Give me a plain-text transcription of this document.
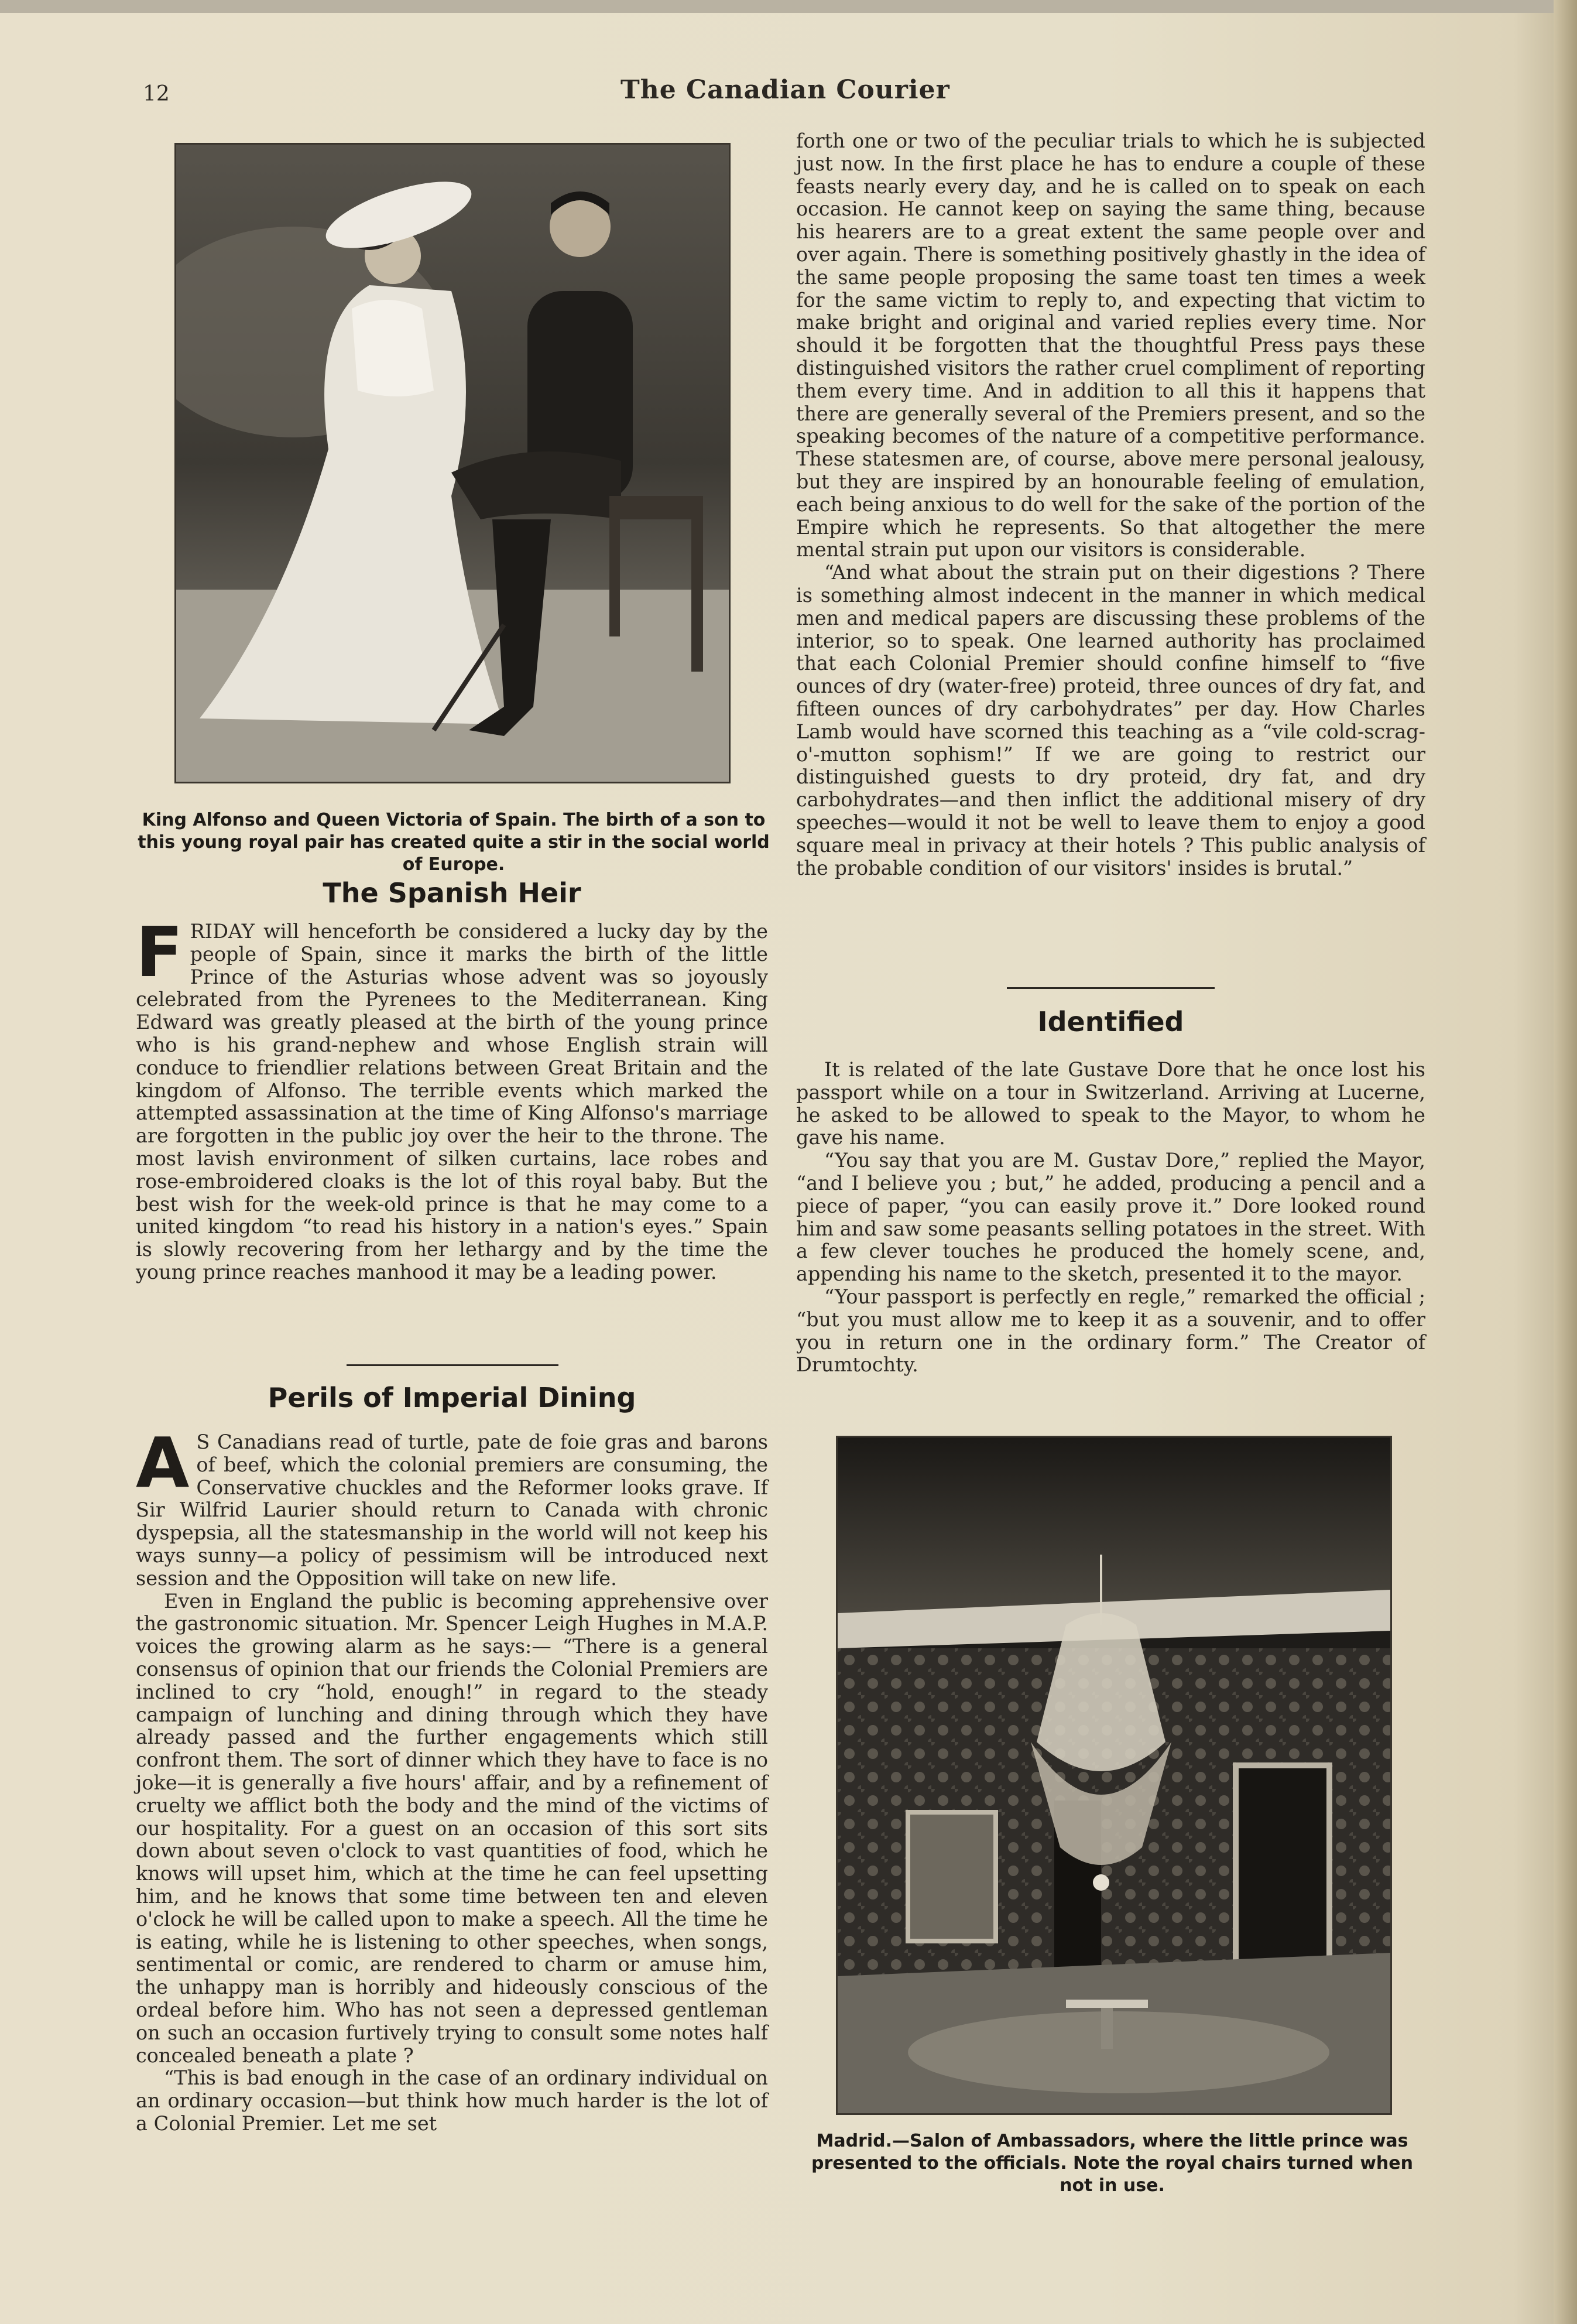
12	The Canadian Courier
King Alfonso and Queen Victoria of Spain. The birth of a son to this young royal pair has created quite a stir in the social world of Europe.
The Spanish Heir

FRIDAY will henceforth be considered a lucky day by the people of Spain, since it marks the birth of the little Prince of the Asturias whose advent was so joyously celebrated from the Pyrenees to the Mediterranean. King Edward was greatly pleased at the birth of the young prince who is his grand-nephew and whose English strain will conduce to friendlier relations between Great Britain and the kingdom of Alfonso. The terrible events which marked the attempted assassination at the time of King Alfonso's marriage are forgotten in the public joy over the heir to the throne. The most lavish environment of silken curtains, lace robes and rose-embroidered cloaks is the lot of this royal baby. But the best wish for the week-old prince is that he may come to a united kingdom “to read his history in a nation's eyes.” Spain is slowly recovering from her lethargy and by the time the young prince reaches manhood it may be a leading power.

Perils of Imperial Dining

A S Canadians read of turtle, pate de foie gras and barons of beef, which the colonial premiers are consuming, the Conservative chuckles and the Reformer looks grave. If Sir Wilfrid Laurier should return to Canada with chronic dyspepsia, all the statesmanship in the world will not keep his ways sunny—a policy of pessimism will be introduced next session and the Opposition will take on new life.

Even in England the public is becoming apprehensive over the gastronomic situation. Mr. Spencer Leigh Hughes in M.A.P. voices the growing alarm as he says:— “There is a general consensus of opinion that our friends the Colonial Premiers are inclined to cry “hold, enough!” in regard to the steady campaign of lunching and dining through which they have already passed and the further engagements which still confront them. The sort of dinner which they have to face is no joke—it is generally a five hours' affair, and by a refinement of cruelty we afflict both the body and the mind of the victims of our hospitality. For a guest on an occasion of this sort sits down about seven o'clock to vast quantities of food, which he knows will upset him, which at the time he can feel upsetting him, and he knows that some time between ten and eleven o'clock he will be called upon to make a speech. All the time he is eating, while he is listening to other speeches, when songs, sentimental or comic, are rendered to charm or amuse him, the unhappy man is horribly and hideously conscious of the ordeal before him. Who has not seen a depressed gentleman on such an occasion furtively trying to consult some notes half concealed beneath a plate ?

“This is bad enough in the case of an ordinary individual on an ordinary occasion—but think how much harder is the lot of a Colonial Premier. Let me set

forth one or two of the peculiar trials to which he is subjected just now. In the first place he has to endure a couple of these feasts nearly every day, and he is called on to speak on each occasion. He cannot keep on saying the same thing, because his hearers are to a great extent the same people over and over again. There is something positively ghastly in the idea of the same people proposing the same toast ten times a week for the same victim to reply to, and expecting that victim to make bright and original and varied replies every time. Nor should it be forgotten that the thoughtful Press pays these distinguished visitors the rather cruel compliment of reporting them every time. And in addition to all this it happens that there are generally several of the Premiers present, and so the speaking becomes of the nature of a competitive performance. These statesmen are, of course, above mere personal jealousy, but they are inspired by an honourable feeling of emulation, each being anxious to do well for the sake of the portion of the Empire which he represents. So that altogether the mere mental strain put upon our visitors is considerable.

“And what about the strain put on their digestions ? There is something almost indecent in the manner in which medical men and medical papers are discussing these problems of the interior, so to speak. One learned authority has proclaimed that each Colonial Premier should confine himself to “five ounces of dry (water-free) proteid, three ounces of dry fat, and fifteen ounces of dry carbohydrates” per day. How Charles Lamb would have scorned this teaching as a “vile cold-scrag-o'-mutton sophism!” If we are going to restrict our distinguished guests to dry proteid, dry fat, and dry carbohydrates—and then inflict the additional misery of dry speeches—would it not be well to leave them to enjoy a good square meal in privacy at their hotels ? This public analysis of the probable condition of our visitors' insides is brutal.”

Identified

It is related of the late Gustave Dore that he once lost his passport while on a tour in Switzerland. Arriving at Lucerne, he asked to be allowed to speak to the Mayor, to whom he gave his name.

“You say that you are M. Gustav Dore,” replied the Mayor, “and I believe you ; but,” he added, producing a pencil and a piece of paper, “you can easily prove it.” Dore looked round him and saw some peasants selling potatoes in the street. With a few clever touches he produced the homely scene, and, appending his name to the sketch, presented it to the mayor.

“Your passport is perfectly en regle,” remarked the official ; “but you must allow me to keep it as a souvenir, and to offer you in return one in the ordinary form.” The Creator of Drumtochty.

Madrid.—Salon of Ambassadors, where the little prince was presented to the officials. Note the royal chairs turned when not in use.
